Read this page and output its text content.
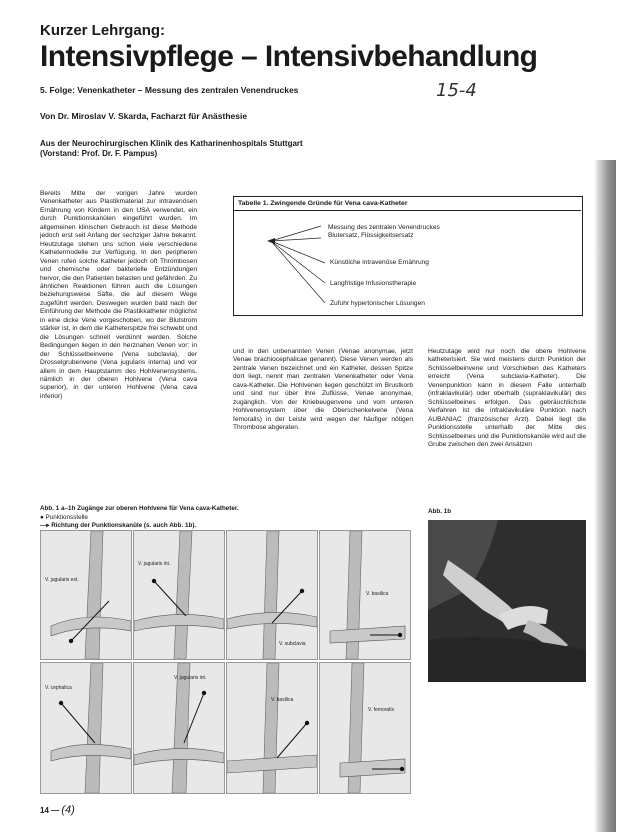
Kurzer Lehrgang:
Intensivpflege – Intensivbehandlung
5. Folge: Venenkatheter – Messung des zentralen Venendruckes	15-4
Von Dr. Miroslav V. Skarda, Facharzt für Anästhesie
Aus der Neurochirurgischen Klinik des Katharinenhospitals Stuttgart
(Vorstand: Prof. Dr. F. Pampus)

Bereits Mitte der vorigen Jahre wurden Venenkatheter aus Plastikmaterial zur intravenösen Ernährung von Kindern in den USA verwendet, ein durch Punktionskanülen eingeführt wurden. Im allgemeinen klinischen Gebrauch ist diese Methode jedoch erst seit Anfang der sechziger Jahre bekannt. Heutzutage stehen uns schon viele verschiedene Kathetermodelle zur Verfügung. In den peripheren Venen rufen solche Katheter jedoch oft Thrombosen und chemische oder bakterielle Entzündungen hervor, die den Patienten belasten und gefährden. Zu ähnlichen Reaktionen führen auch die Lösungen beziehungsweise Säfte, die auf diesem Wege zugeführt werden. Deswegen wurden bald nach der Einführung der Methode die Plastikkatheter möglichst in eine dicke Vene vorgeschoben, wo der Blutstrom stärker ist, in dem die Katheterspitze frei schwebt und die Lösungen schnell verdünnt werden. Solche Bedingungen liegen in den herznahen Venen vor: in der Schlüsselbeinvene (Vena subclavia), der Drosselgrubenvene (Vena jugularis interna) und vor allem in dem Hauptstamm des Hohlvenensystems, nämlich in der oberen Hohlvene (Vena cava superior), in der unteren Hohlvene (Vena cava inferior)

Tabelle 1. Zwingende Gründe für Vena cava-Katheter
Messung des zentralen Venendruckes
Blutersatz, Flüssigkeitsersatz
Künstliche intravenöse Ernährung
Langfristige Infusionstherapie
Zufuhr hypertonischer Lösungen

und in den unbenannten Venen (Venae anonymae, jetzt Venae brachiocephalicae genannt). Diese Venen werden als zentrale Venen bezeichnet und ein Katheter, dessen Spitze dort liegt, nennt man zentralen Venenkatheter oder Vena cava-Katheter. Die Hohlvenen liegen geschützt im Brustkorb und sind nur über ihre Zuflüsse, Venae anonymae, zugänglich. Von der Kniebeugenvene und vom unteren Hohlvenensystem über die Oberschenkelvene (Vena femoralis) in der Leiste wird wegen der häufiger nötigen Thrombose abgeraten.

Heutzutage wird nur noch die obere Hohlvene katheterisiert. Sie wird meistens durch Punktion der Schlüsselbeinvene und Vorschieben des Katheters erreicht (Vena subclavia-Katheter). Die Venenpunktion kann in diesem Falle unterhalb (infraklavikulär) oder oberhalb (supraklavikulär) des Schlüsselbeines erfolgen. Das gebräuchlichste Verfahren ist die infraklavikuläre Punktion nach AUBANIAC (französischer Arzt). Dabei liegt die Punktionsstelle unterhalb der Mitte des Schlüsselbeines und die Punktionskanüle wird auf die Grube zwischen den zwei Ansätzen

Abb. 1 a–1h Zugänge zur oberen Hohlvene für Vena cava-Katheter.
● Punktionsstelle
—▸ Richtung der Punktionskanüle (s. auch Abb. 1b).
Abb. 1b
V. jugularis ext.
V. jugularis int.
V. subclavia
V. basilica
V. cephalica
V. jugularis int.
V. basilica
V. femoralis
14 — (4)
